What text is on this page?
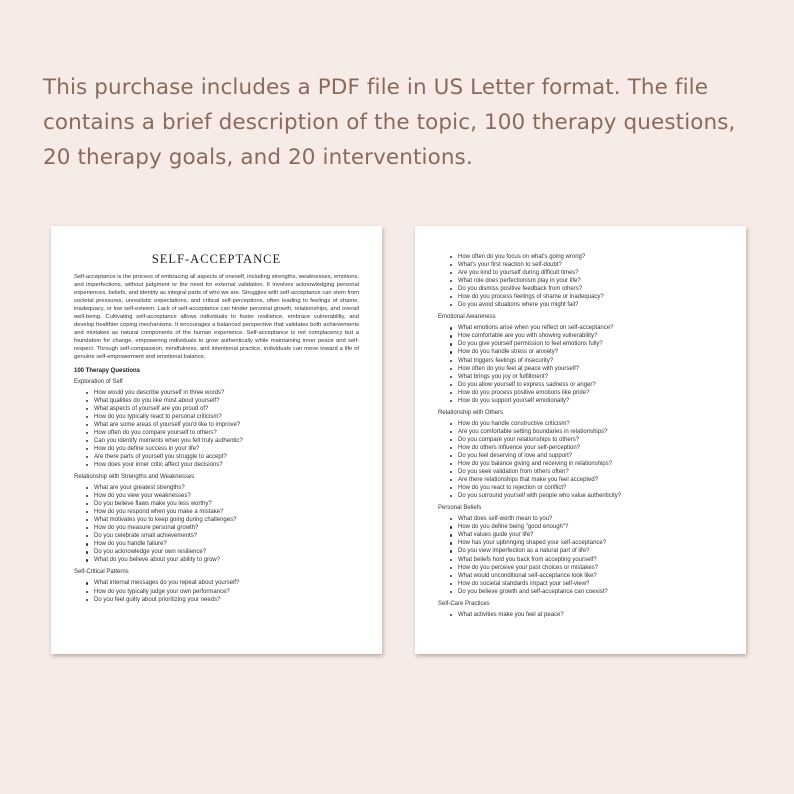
This purchase includes a PDF file in US Letter format. The file contains a brief description of the topic, 100 therapy questions, 20 therapy goals, and 20 interventions.
SELF-ACCEPTANCE
Self-acceptance is the process of embracing all aspects of oneself, including strengths, weaknesses, emotions, and imperfections, without judgment or the need for external validation. It involves acknowledging personal experiences, beliefs, and identity as integral parts of who we are. Struggles with self-acceptance can stem from societal pressures, unrealistic expectations, and critical self-perceptions, often leading to feelings of shame, inadequacy, or low self-esteem. Lack of self-acceptance can hinder personal growth, relationships, and overall well-being. Cultivating self-acceptance allows individuals to foster resilience, embrace vulnerability, and develop healthier coping mechanisms. It encourages a balanced perspective that validates both achievements and mistakes as natural components of the human experience. Self-acceptance is not complacency but a foundation for change, empowering individuals to grow authentically while maintaining inner peace and self-respect. Through self-compassion, mindfulness, and intentional practice, individuals can move toward a life of genuine self-empowerment and emotional balance.
100 Therapy Questions
Exploration of Self
How would you describe yourself in three words?
What qualities do you like most about yourself?
What aspects of yourself are you proud of?
How do you typically react to personal criticism?
What are some areas of yourself you'd like to improve?
How often do you compare yourself to others?
Can you identify moments when you felt truly authentic?
How do you define success in your life?
Are there parts of yourself you struggle to accept?
How does your inner critic affect your decisions?
Relationship with Strengths and Weaknesses
What are your greatest strengths?
How do you view your weaknesses?
Do you believe flaws make you less worthy?
How do you respond when you make a mistake?
What motivates you to keep going during challenges?
How do you measure personal growth?
Do you celebrate small achievements?
How do you handle failure?
Do you acknowledge your own resilience?
What do you believe about your ability to grow?
Self-Critical Patterns
What internal messages do you repeat about yourself?
How do you typically judge your own performance?
Do you feel guilty about prioritizing your needs?
How often do you focus on what's going wrong?
What's your first reaction to self-doubt?
Are you kind to yourself during difficult times?
What role does perfectionism play in your life?
Do you dismiss positive feedback from others?
How do you process feelings of shame or inadequacy?
Do you avoid situations where you might fail?
Emotional Awareness
What emotions arise when you reflect on self-acceptance?
How comfortable are you with showing vulnerability?
Do you give yourself permission to feel emotions fully?
How do you handle stress or anxiety?
What triggers feelings of insecurity?
How often do you feel at peace with yourself?
What brings you joy or fulfillment?
Do you allow yourself to express sadness or anger?
How do you process positive emotions like pride?
How do you support yourself emotionally?
Relationship with Others
How do you handle constructive criticism?
Are you comfortable setting boundaries in relationships?
Do you compare your relationships to others?
How do others influence your self-perception?
Do you feel deserving of love and support?
How do you balance giving and receiving in relationships?
Do you seek validation from others often?
Are there relationships that make you feel accepted?
How do you react to rejection or conflict?
Do you surround yourself with people who value authenticity?
Personal Beliefs
What does self-worth mean to you?
How do you define being "good enough"?
What values guide your life?
How has your upbringing shaped your self-acceptance?
Do you view imperfection as a natural part of life?
What beliefs hold you back from accepting yourself?
How do you perceive your past choices or mistakes?
What would unconditional self-acceptance look like?
How do societal standards impact your self-view?
Do you believe growth and self-acceptance can coexist?
Self-Care Practices
What activities make you feel at peace?
